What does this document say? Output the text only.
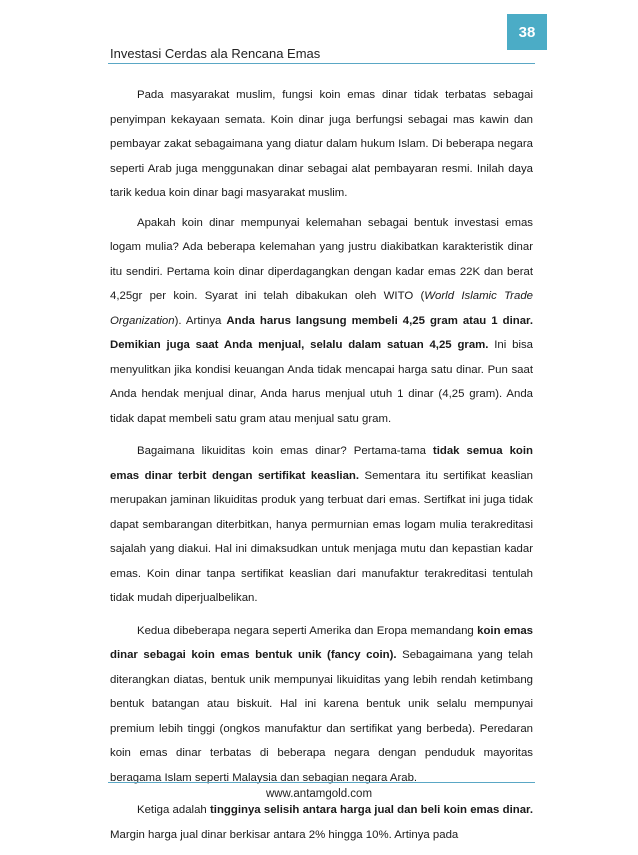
38
Investasi Cerdas ala Rencana Emas

Pada masyarakat muslim, fungsi koin emas dinar tidak terbatas sebagai penyimpan kekayaan semata. Koin dinar juga berfungsi sebagai mas kawin dan pembayar zakat sebagaimana yang diatur dalam hukum Islam. Di beberapa negara seperti Arab juga menggunakan dinar sebagai alat pembayaran resmi. Inilah daya tarik kedua koin dinar bagi masyarakat muslim.

Apakah koin dinar mempunyai kelemahan sebagai bentuk investasi emas logam mulia? Ada beberapa kelemahan yang justru diakibatkan karakteristik dinar itu sendiri. Pertama koin dinar diperdagangkan dengan kadar emas 22K dan berat 4,25gr per koin. Syarat ini telah dibakukan oleh WITO (World Islamic Trade Organization). Artinya Anda harus langsung membeli 4,25 gram atau 1 dinar. Demikian juga saat Anda menjual, selalu dalam satuan 4,25 gram. Ini bisa menyulitkan jika kondisi keuangan Anda tidak mencapai harga satu dinar. Pun saat Anda hendak menjual dinar, Anda harus menjual utuh 1 dinar (4,25 gram). Anda tidak dapat membeli satu gram atau menjual satu gram.

Bagaimana likuiditas koin emas dinar? Pertama-tama tidak semua koin emas dinar terbit dengan sertifikat keaslian. Sementara itu sertifikat keaslian merupakan jaminan likuiditas produk yang terbuat dari emas. Sertifkat ini juga tidak dapat sembarangan diterbitkan, hanya permurnian emas logam mulia terakreditasi sajalah yang diakui. Hal ini dimaksudkan untuk menjaga mutu dan kepastian kadar emas. Koin dinar tanpa sertifikat keaslian dari manufaktur terakreditasi tentulah tidak mudah diperjualbelikan.

Kedua dibeberapa negara seperti Amerika dan Eropa memandang koin emas dinar sebagai koin emas bentuk unik (fancy coin). Sebagaimana yang telah diterangkan diatas, bentuk unik mempunyai likuiditas yang lebih rendah ketimbang bentuk batangan atau biskuit. Hal ini karena bentuk unik selalu mempunyai premium lebih tinggi (ongkos manufaktur dan sertifikat yang berbeda). Peredaran koin emas dinar terbatas di beberapa negara dengan penduduk mayoritas beragama Islam seperti Malaysia dan sebagian negara Arab.

Ketiga adalah tingginya selisih antara harga jual dan beli koin emas dinar. Margin harga jual dinar berkisar antara 2% hingga 10%. Artinya pada

www.antamgold.com
